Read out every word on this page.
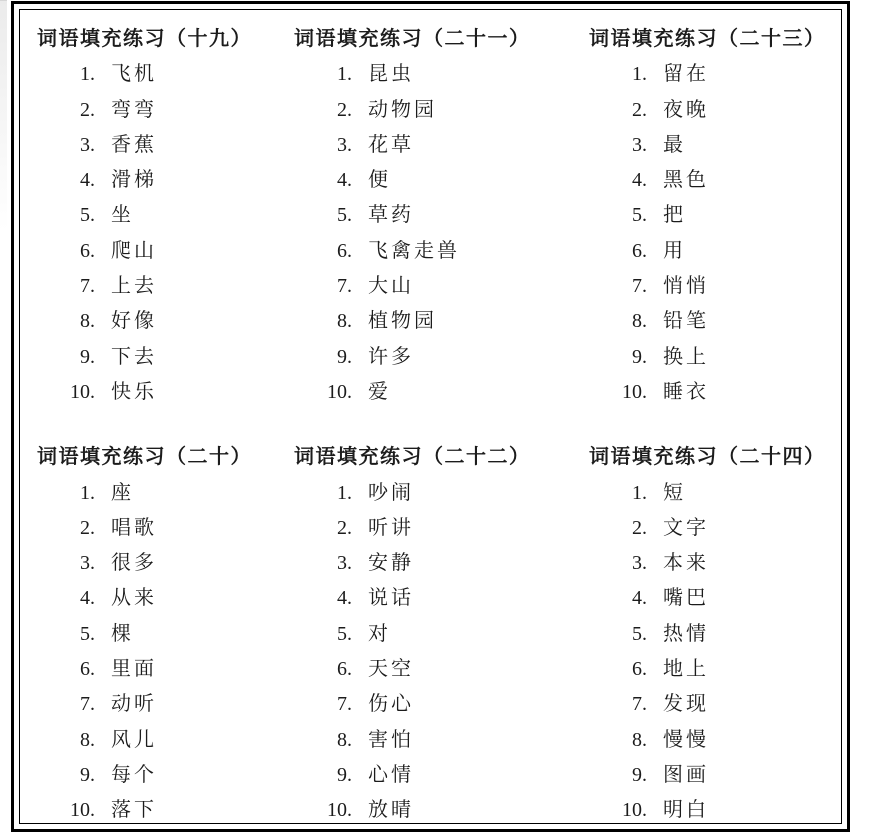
词语填充练习（十九）
1. 飞机
2. 弯弯
3. 香蕉
4. 滑梯
5. 坐
6. 爬山
7. 上去
8. 好像
9. 下去
10. 快乐
词语填充练习（二十一）
1. 昆虫
2. 动物园
3. 花草
4. 便
5. 草药
6. 飞禽走兽
7. 大山
8. 植物园
9. 许多
10. 爱
词语填充练习（二十三）
1. 留在
2. 夜晚
3. 最
4. 黑色
5. 把
6. 用
7. 悄悄
8. 铅笔
9. 换上
10. 睡衣
词语填充练习（二十）
1. 座
2. 唱歌
3. 很多
4. 从来
5. 棵
6. 里面
7. 动听
8. 风儿
9. 每个
10. 落下
词语填充练习（二十二）
1. 吵闹
2. 听讲
3. 安静
4. 说话
5. 对
6. 天空
7. 伤心
8. 害怕
9. 心情
10. 放晴
词语填充练习（二十四）
1. 短
2. 文字
3. 本来
4. 嘴巴
5. 热情
6. 地上
7. 发现
8. 慢慢
9. 图画
10. 明白
